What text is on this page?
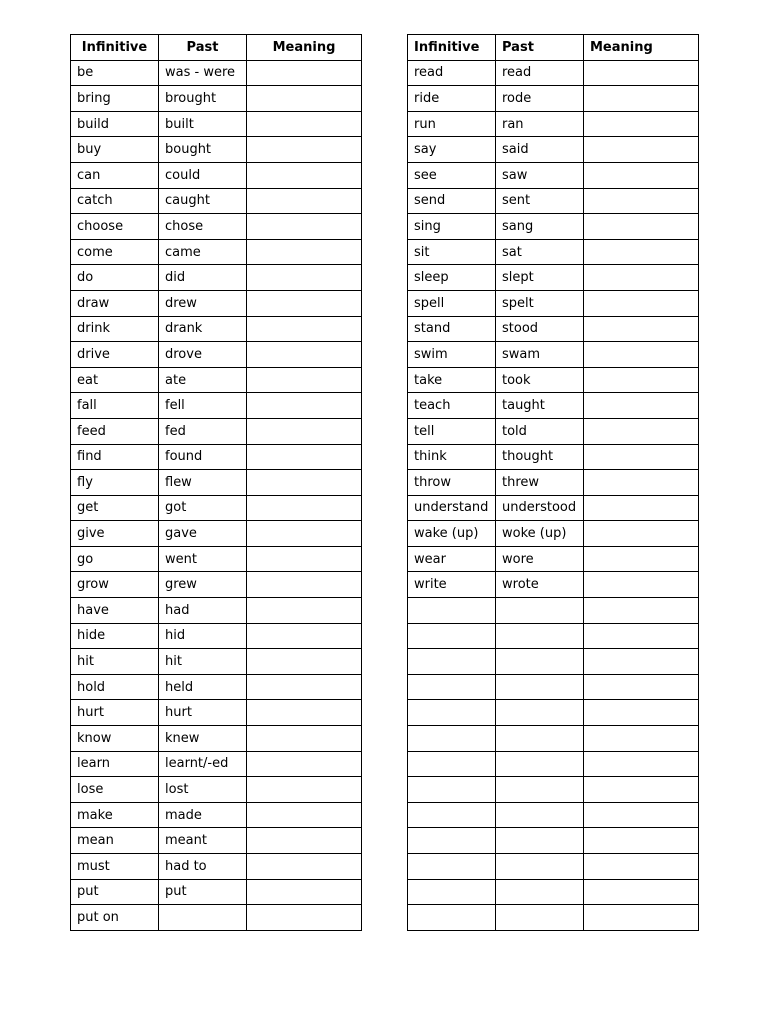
Infinitive	Past	Meaning
be	was - were	
bring	brought	
build	built	
buy	bought	
can	could	
catch	caught	
choose	chose	
come	came	
do	did	
draw	drew	
drink	drank	
drive	drove	
eat	ate	
fall	fell	
feed	fed	
find	found	
fly	flew	
get	got	
give	gave	
go	went	
grow	grew	
have	had	
hide	hid	
hit	hit	
hold	held	
hurt	hurt	
know	knew	
learn	learnt/-ed	
lose	lost	
make	made	
mean	meant	
must	had to	
put	put	
put on		
Infinitive	Past	Meaning
read	read	
ride	rode	
run	ran	
say	said	
see	saw	
send	sent	
sing	sang	
sit	sat	
sleep	slept	
spell	spelt	
stand	stood	
swim	swam	
take	took	
teach	taught	
tell	told	
think	thought	
throw	threw	
understand	understood	
wake (up)	woke (up)	
wear	wore	
write	wrote	
